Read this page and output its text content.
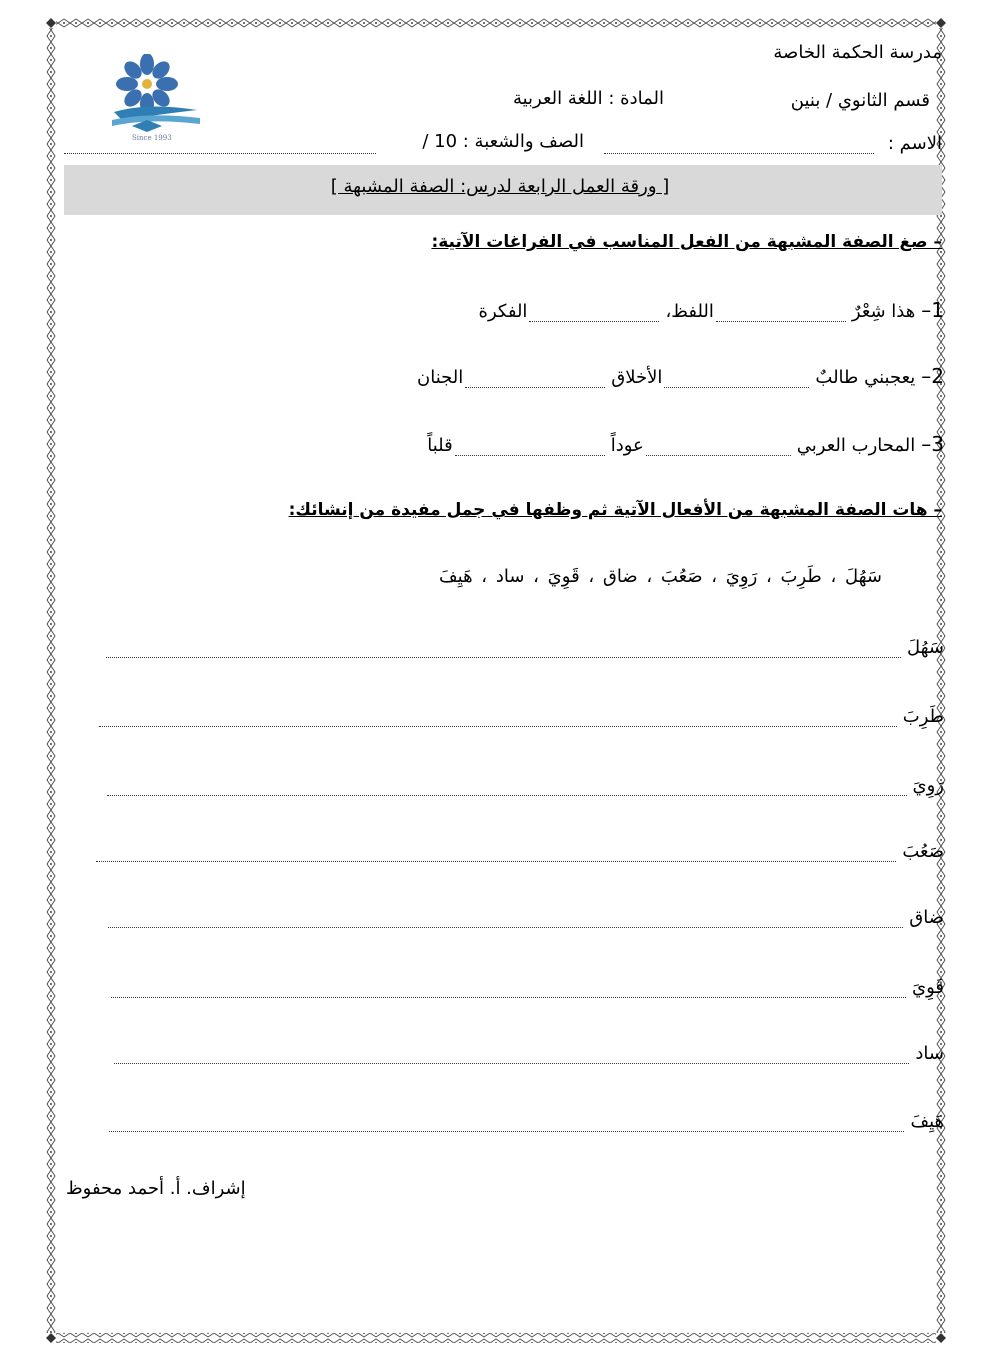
Since 1993
مدرسة الحكمة الخاصة
قسم الثانوي / بنين
المادة : اللغة العربية
الاسم :
الصف والشعبة : 10 /
[ ورقة العمل الرابعة لدرس: الصفة المشبهة ]
– صغ الصفة المشبهة من الفعل المناسب في الفراغات الآتية:
1–
هذا شِعْرٌ
اللفظ،
الفكرة
2–
يعجبني طالبٌ
الأخلاق
الجنان
3–
المحارب العربي
عوداً
قلباً
– هات الصفة المشبهة من الأفعال الآتية ثم وظفها في جمل مفيدة من إنشائك:
سَهُلَ ، طَرِبَ ، رَوِيَ ، صَعُبَ ، ضاق ، قَوِيَ ، ساد ، هَيِفَ
سَهُلَ
طَرِبَ
رَوِيَ
صَعُبَ
ضاق
قَوِيَ
ساد
هَيِفَ
إشراف. أ. أحمد محفوظ
